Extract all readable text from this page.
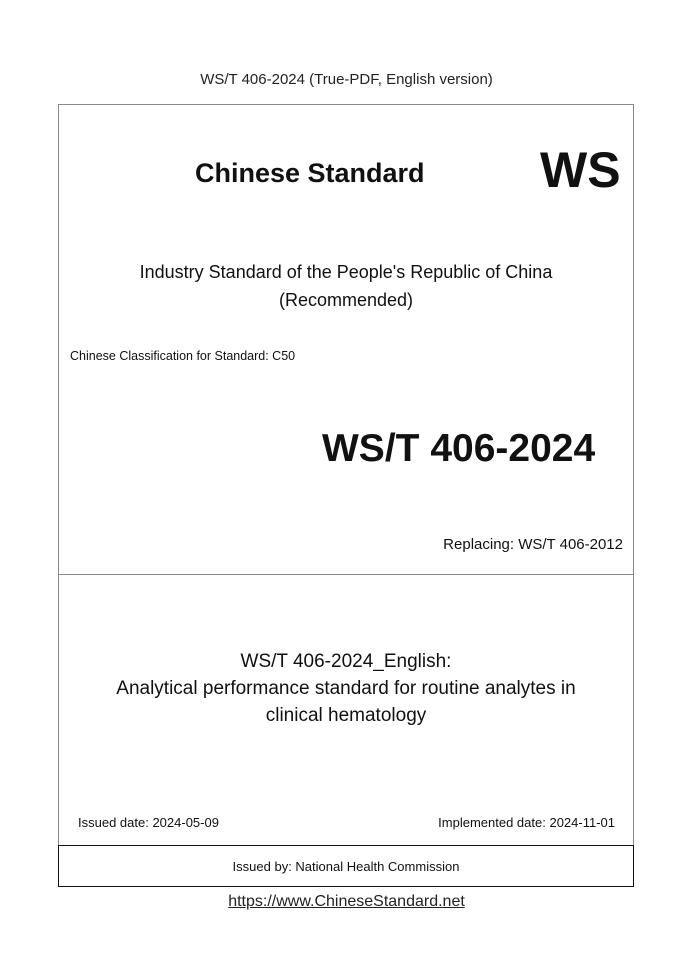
WS/T 406-2024 (True-PDF, English version)
Chinese Standard WS
Industry Standard of the People's Republic of China
(Recommended)
Chinese Classification for Standard: C50
WS/T 406-2024
Replacing: WS/T 406-2012
WS/T 406-2024_English:
Analytical performance standard for routine analytes in
clinical hematology
Issued date: 2024-05-09	Implemented date: 2024-11-01
Issued by: National Health Commission
https://www.ChineseStandard.net
